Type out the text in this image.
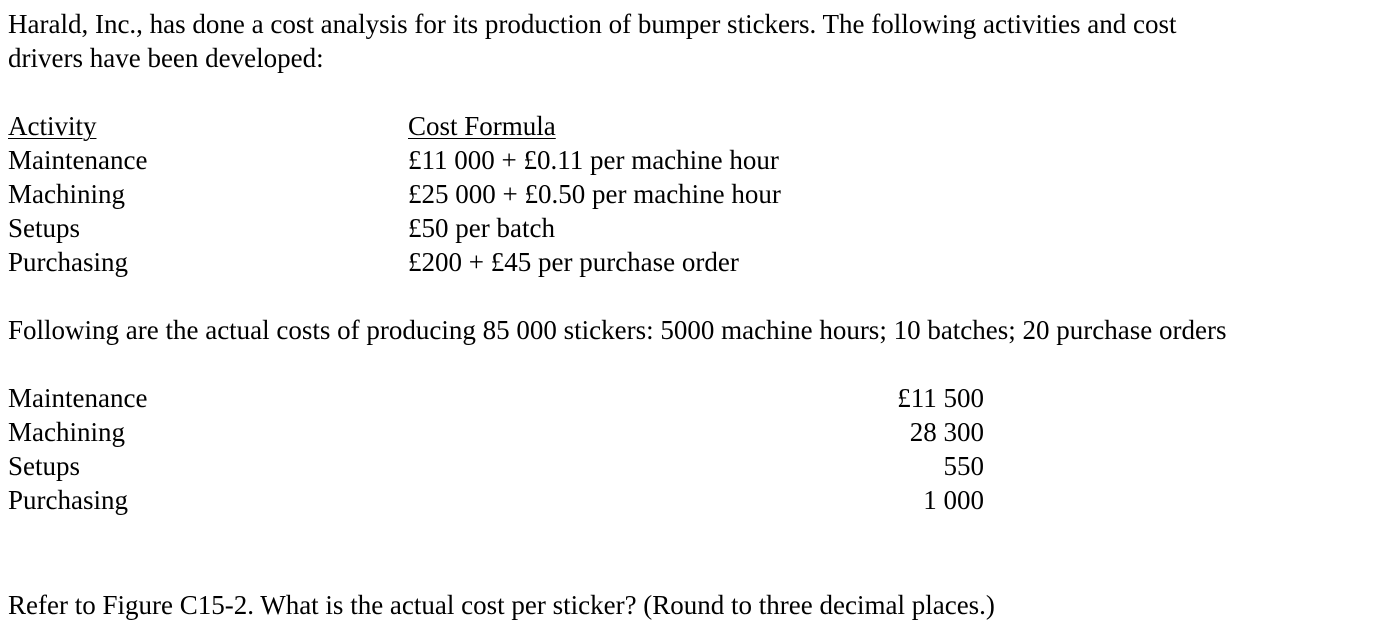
Harald, Inc., has done a cost analysis for its production of bumper stickers. The following activities and cost
drivers have been developed:
Activity	Cost Formula
Maintenance	£11 000 + £0.11 per machine hour
Machining	£25 000 + £0.50 per machine hour
Setups	£50 per batch
Purchasing	£200 + £45 per purchase order
Following are the actual costs of producing 85 000 stickers: 5000 machine hours; 10 batches; 20 purchase orders
Maintenance	£11 500
Machining	28 300
Setups	550
Purchasing	1 000
Refer to Figure C15-2. What is the actual cost per sticker? (Round to three decimal places.)
